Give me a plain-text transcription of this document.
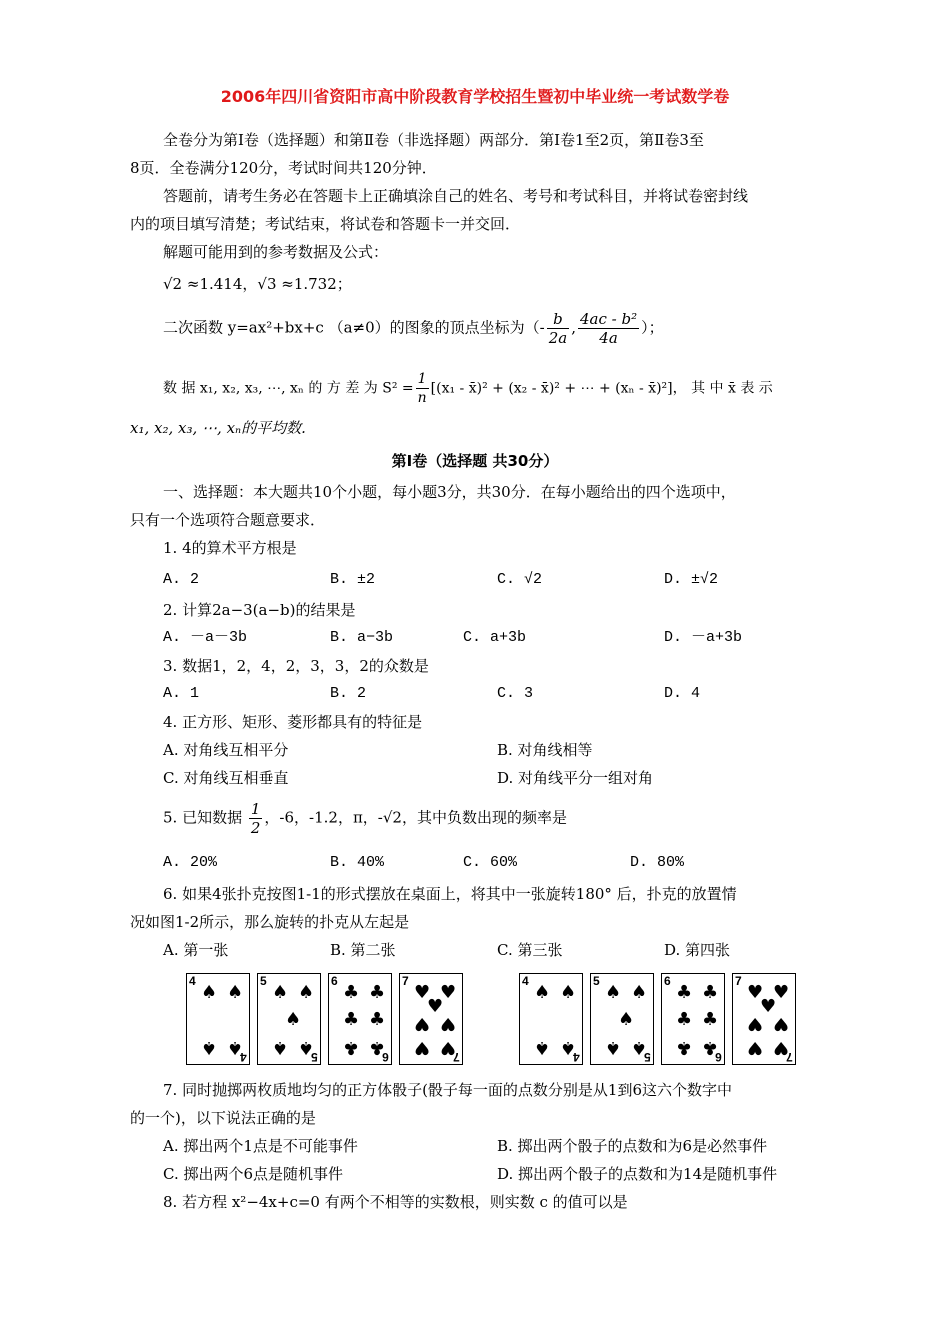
2006年四川省资阳市高中阶段教育学校招生暨初中毕业统一考试数学卷
全卷分为第Ⅰ卷（选择题）和第Ⅱ卷（非选择题）两部分．第Ⅰ卷1至2页，第Ⅱ卷3至
8页．全卷满分120分，考试时间共120分钟．
答题前，请考生务必在答题卡上正确填涂自己的姓名、考号和考试科目，并将试卷密封线
内的项目填写清楚；考试结束，将试卷和答题卡一并交回．
解题可能用到的参考数据及公式：
√2 ≈1.414，√3 ≈1.732；
二次函数 y=ax²+bx+c （a≠0）的图象的顶点坐标为（- $\frac{b}{2a}$ , $\frac{\text{4ac - b²}}{4a}$ ）；
数 据 x₁, x₂, x₃, ⋯, xₙ 的 方 差 为 $S^2 = \frac{1}{n} [(x_1$ - x̄)² + (x₂ - x̄)² + ⋯ + (xₙ - x̄)²]， 其 中 x̄ 表 示
x₁, x₂, x₃, ⋯, xₙ的平均数.
第Ⅰ卷（选择题 共30分）
一、选择题：本大题共10个小题，每小题3分，共30分．在每小题给出的四个选项中，
只有一个选项符合题意要求．
1. 4的算术平方根是
A. 2	B. ±2	C. √2	D. ±√2
2. 计算2a−3(a−b)的结果是
A. －a－3b	B. a−3b	C. a+3b	D. －a+3b
3. 数据1，2，4，2，3，3，2的众数是
A. 1	B. 2	C. 3	D. 4
4. 正方形、矩形、菱形都具有的特征是
A. 对角线互相平分	B. 对角线相等
C. 对角线互相垂直	D. 对角线平分一组对角
5. 已知数据 $\frac{1}{2}$ ，-6，-1.2，π，-√2，其中负数出现的频率是
A. 20%	B. 40%	C. 60%	D. 80%
6. 如果4张扑克按图1-1的形式摆放在桌面上，将其中一张旋转180° 后，扑克的放置情
况如图1-2所示，那么旋转的扑克从左起是
A. 第一张	B. 第二张	C. 第三张	D. 第四张
4
4
♠ ♠
♠ ♠
5
5
♠ ♠
♠
♠ ♠
6
6
♣ ♣
♣ ♣
♣ ♣
7
7
♥ ♥
♥
♥ ♥
♥ ♥
4
4
♠ ♠
♠ ♠
5
5
♠ ♠
♠
♠ ♠
6
6
♣ ♣
♣ ♣
♣ ♣
7
7
♥ ♥
♥
♥ ♥
♥ ♥
7. 同时抛掷两枚质地均匀的正方体骰子(骰子每一面的点数分别是从1到6这六个数字中
的一个)，以下说法正确的是
A. 掷出两个1点是不可能事件	B. 掷出两个骰子的点数和为6是必然事件
C. 掷出两个6点是随机事件	D. 掷出两个骰子的点数和为14是随机事件
8. 若方程 x²−4x+c=0 有两个不相等的实数根，则实数 c 的值可以是
